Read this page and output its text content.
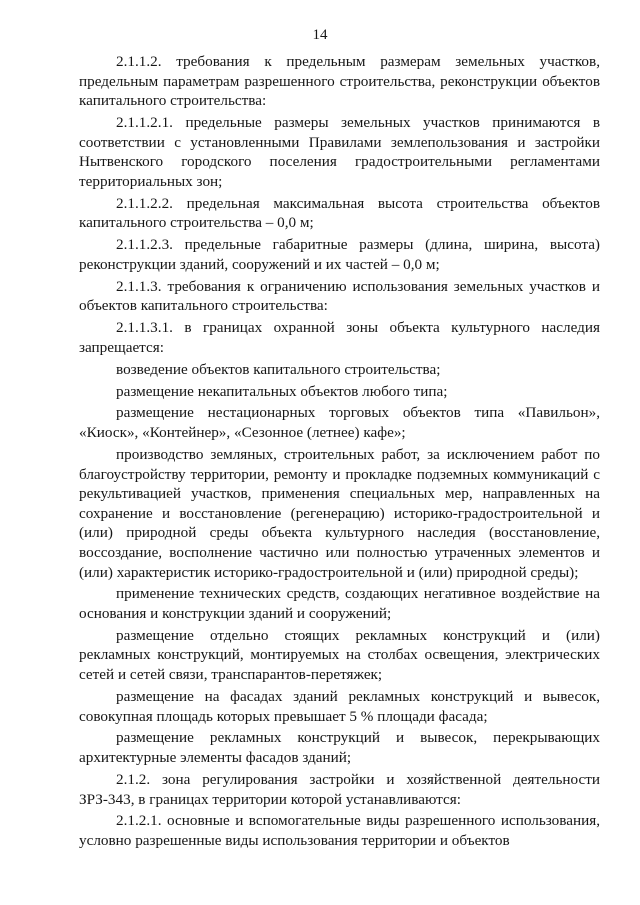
14

2.1.1.2. требования к предельным размерам земельных участков, предельным параметрам разрешенного строительства, реконструкции объектов капитального строительства:

2.1.1.2.1. предельные размеры земельных участков принимаются в соответствии с установленными Правилами землепользования и застройки Нытвенского городского поселения градостроительными регламентами территориальных зон;

2.1.1.2.2. предельная максимальная высота строительства объектов капитального строительства – 0,0 м;

2.1.1.2.3. предельные габаритные размеры (длина, ширина, высота) реконструкции зданий, сооружений и их частей – 0,0 м;

2.1.1.3. требования к ограничению использования земельных участков и объектов капитального строительства:

2.1.1.3.1. в границах охранной зоны объекта культурного наследия запрещается:

возведение объектов капитального строительства;

размещение некапитальных объектов любого типа;

размещение нестационарных торговых объектов типа «Павильон», «Киоск», «Контейнер», «Сезонное (летнее) кафе»;

производство земляных, строительных работ, за исключением работ по благоустройству территории, ремонту и прокладке подземных коммуникаций с рекультивацией участков, применения специальных мер, направленных на сохранение и восстановление (регенерацию) историко-градостроительной и (или) природной среды объекта культурного наследия (восстановление, воссоздание, восполнение частично или полностью утраченных элементов и (или) характеристик историко-градостроительной и (или) природной среды);

применение технических средств, создающих негативное воздействие на основания и конструкции зданий и сооружений;

размещение отдельно стоящих рекламных конструкций и (или) рекламных конструкций, монтируемых на столбах освещения, электрических сетей и сетей связи, транспарантов-перетяжек;

размещение на фасадах зданий рекламных конструкций и вывесок, совокупная площадь которых превышает 5 % площади фасада;

размещение рекламных конструкций и вывесок, перекрывающих архитектурные элементы фасадов зданий;

2.1.2. зона регулирования застройки и хозяйственной деятельности ЗРЗ-343, в границах территории которой устанавливаются:

2.1.2.1. основные и вспомогательные виды разрешенного использования, условно разрешенные виды использования территории и объектов
